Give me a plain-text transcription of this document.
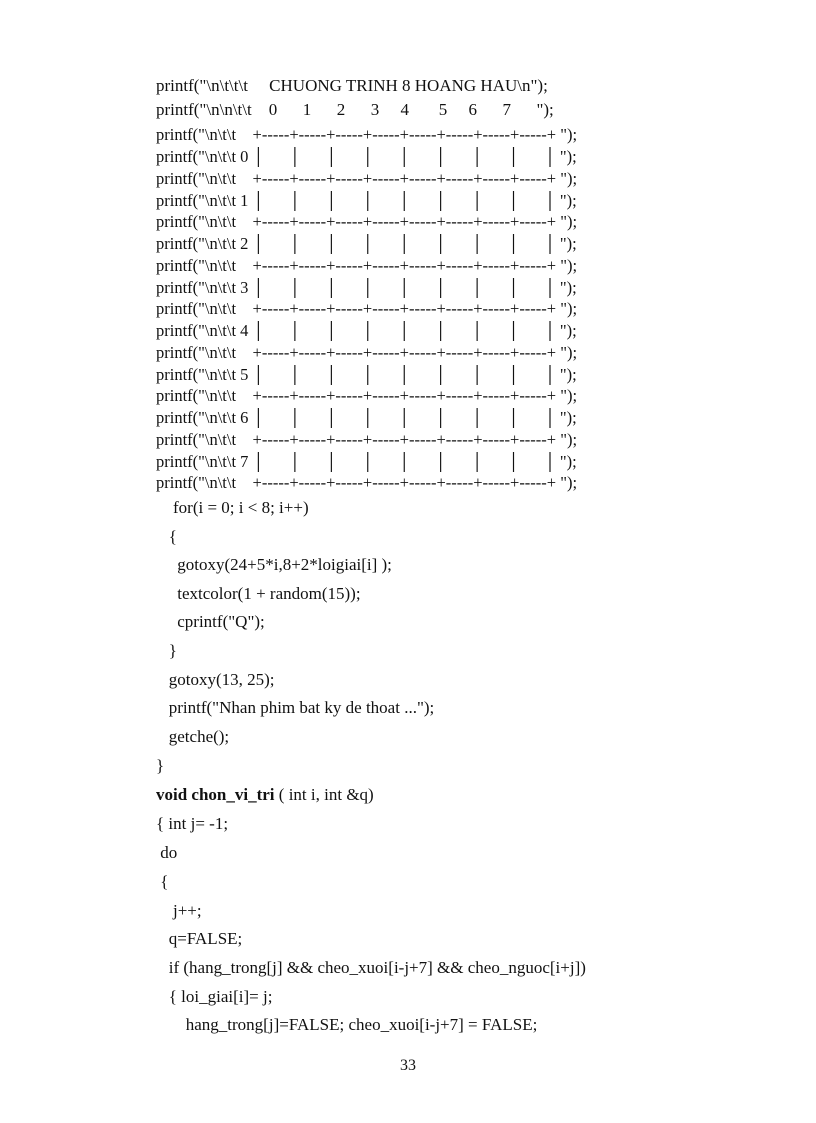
printf("\n\t\t\t     CHUONG TRINH 8 HOANG HAU\n");
printf("\n\n\t\t    0      1      2      3     4       5     6      7      ");
printf("\n\t\t    +-----+-----+-----+-----+-----+-----+-----+-----+ ");
printf("\n\t\t 0 │      │      │      │      │      │      │      │      │ ");
printf("\n\t\t    +-----+-----+-----+-----+-----+-----+-----+-----+ ");
printf("\n\t\t 1 │      │      │      │      │      │      │      │      │ ");
printf("\n\t\t    +-----+-----+-----+-----+-----+-----+-----+-----+ ");
printf("\n\t\t 2 │      │      │      │      │      │      │      │      │ ");
printf("\n\t\t    +-----+-----+-----+-----+-----+-----+-----+-----+ ");
printf("\n\t\t 3 │      │      │      │      │      │      │      │      │ ");
printf("\n\t\t    +-----+-----+-----+-----+-----+-----+-----+-----+ ");
printf("\n\t\t 4 │      │      │      │      │      │      │      │      │ ");
printf("\n\t\t    +-----+-----+-----+-----+-----+-----+-----+-----+ ");
printf("\n\t\t 5 │      │      │      │      │      │      │      │      │ ");
printf("\n\t\t    +-----+-----+-----+-----+-----+-----+-----+-----+ ");
printf("\n\t\t 6 │      │      │      │      │      │      │      │      │ ");
printf("\n\t\t    +-----+-----+-----+-----+-----+-----+-----+-----+ ");
printf("\n\t\t 7 │      │      │      │      │      │      │      │      │ ");
printf("\n\t\t    +-----+-----+-----+-----+-----+-----+-----+-----+ ");
for(i = 0; i < 8; i++)
{
gotoxy(24+5*i,8+2*loigiai[i] );
textcolor(1 + random(15));
cprintf("Q");
}
gotoxy(13, 25);
printf("Nhan phim bat ky de thoat ...");
getche();
}
void chon_vi_tri ( int i, int &q)
{ int j= -1;
do
{
j++;
q=FALSE;
if (hang_trong[j] && cheo_xuoi[i-j+7] && cheo_nguoc[i+j])
{ loi_giai[i]= j;
hang_trong[j]=FALSE; cheo_xuoi[i-j+7] = FALSE;
33
